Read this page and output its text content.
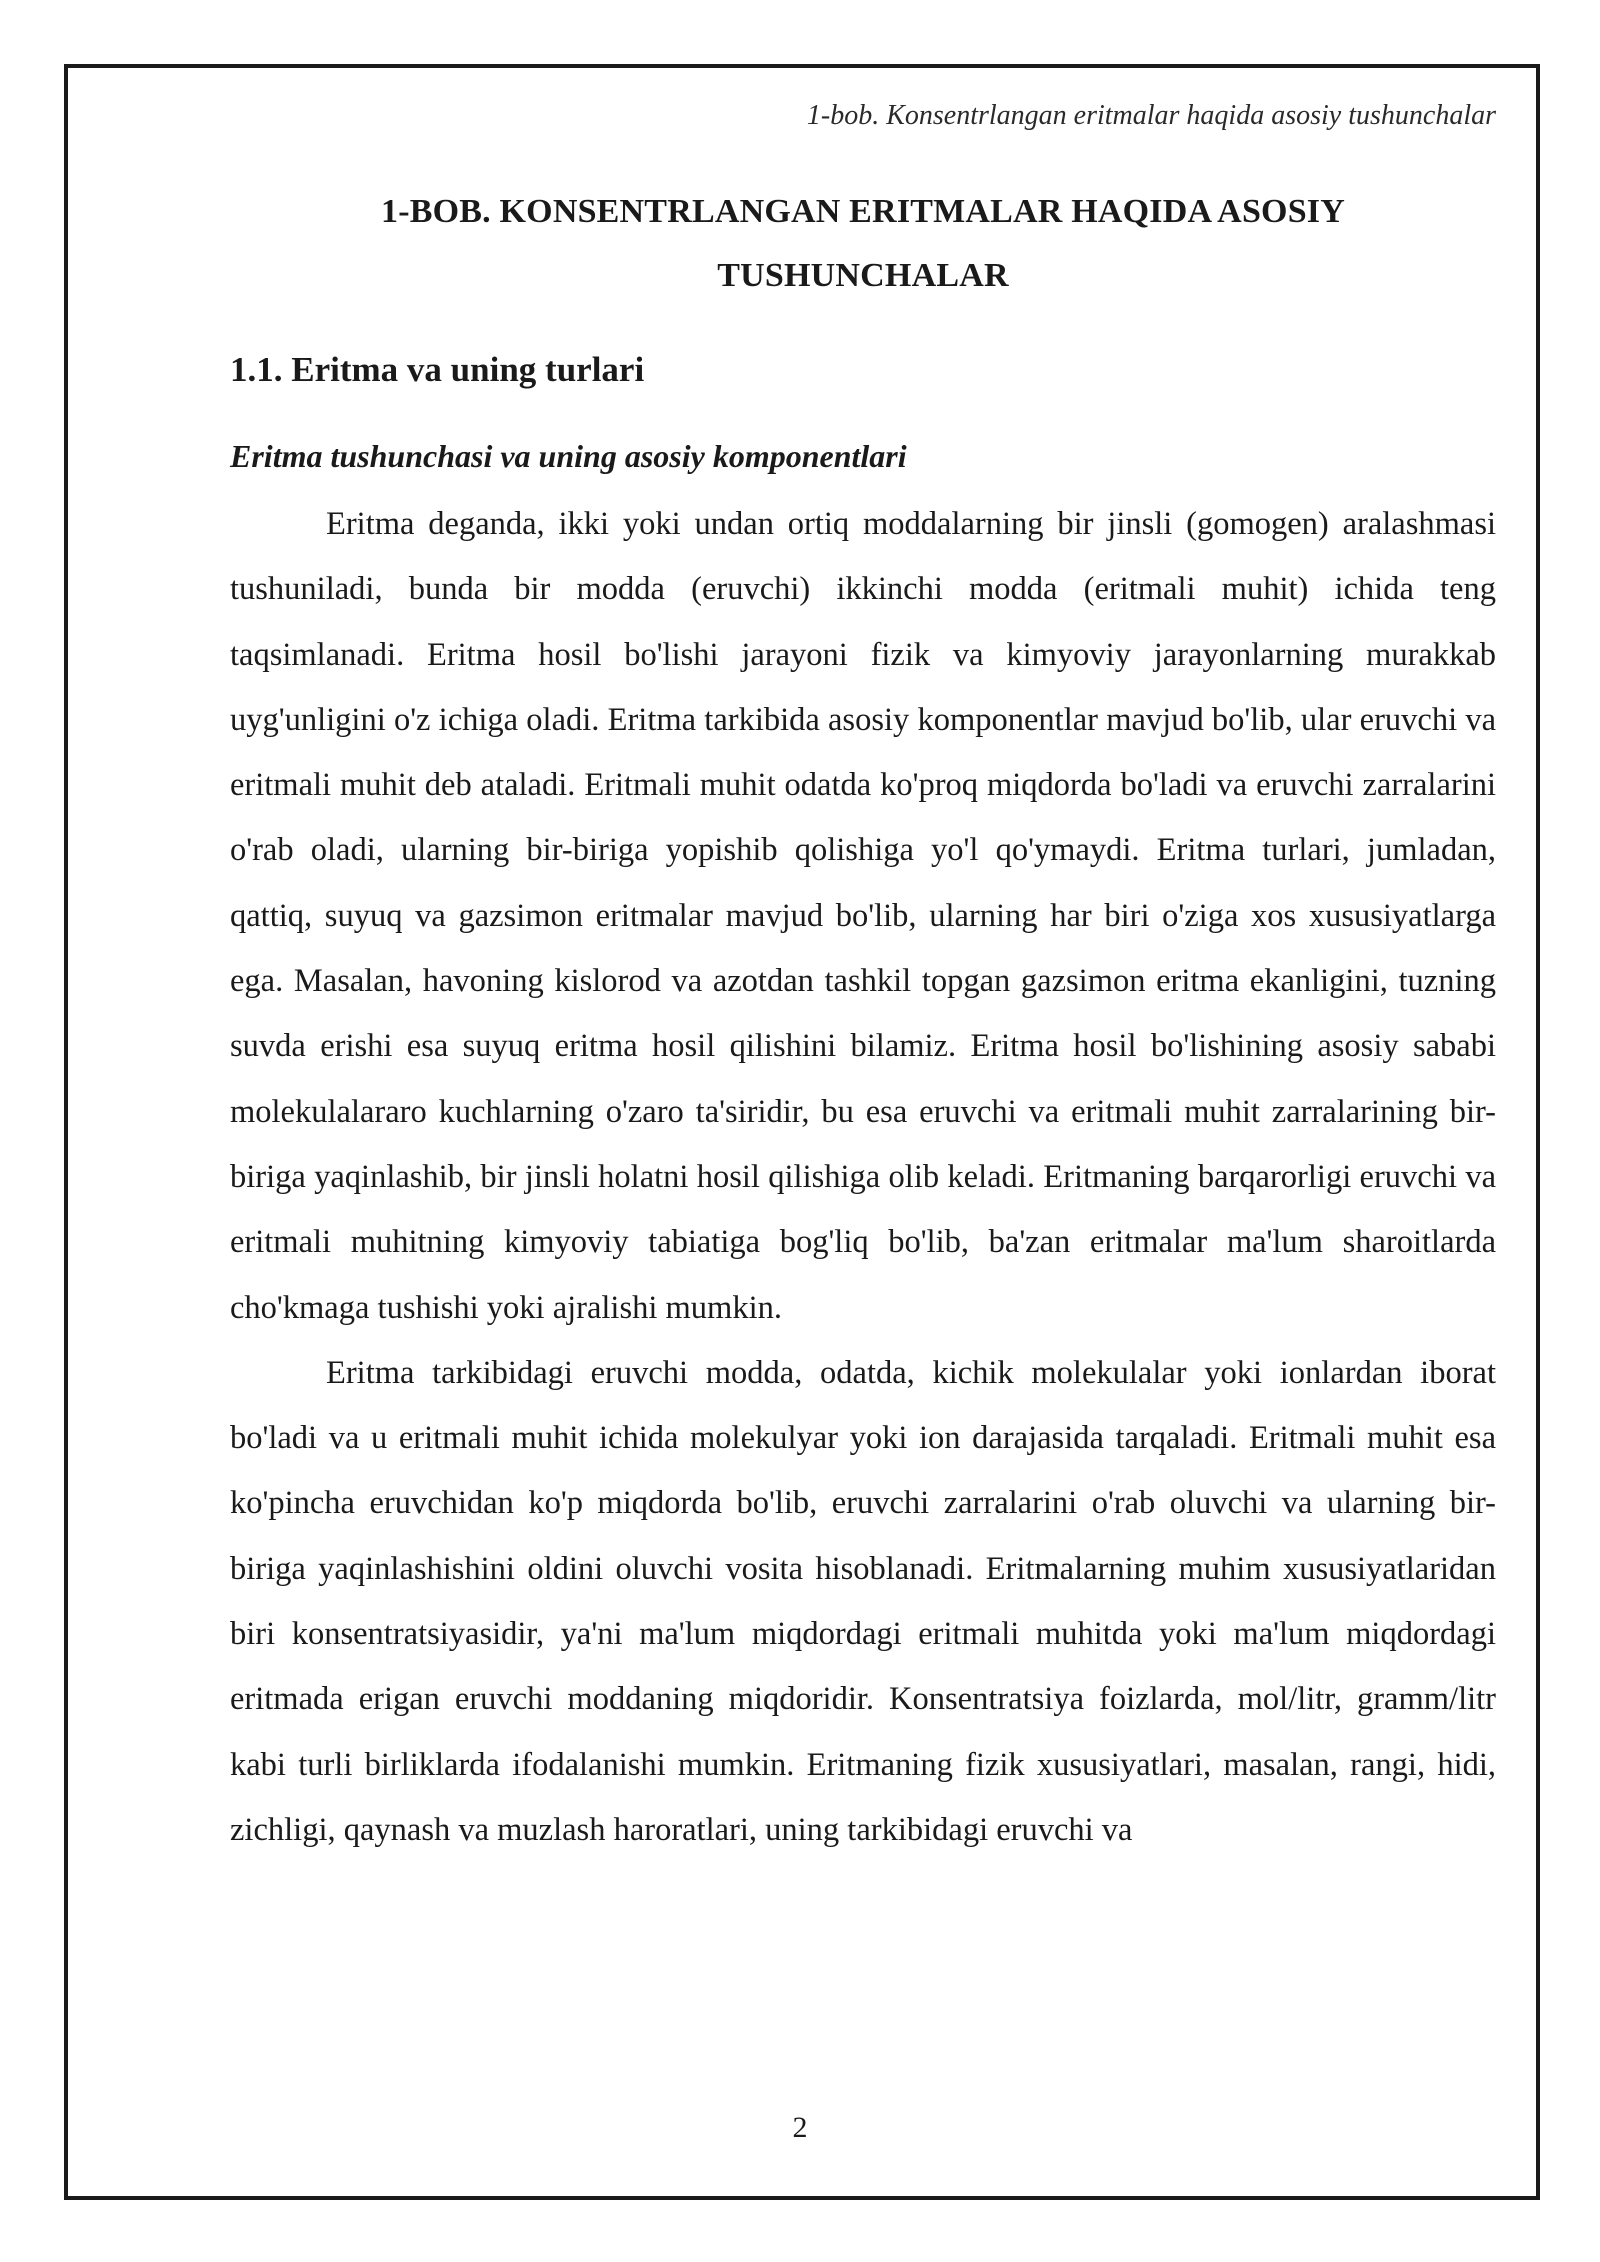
1-bob. Konsentrlangan eritmalar haqida asosiy tushunchalar
1-BOB. KONSENTRLANGAN ERITMALAR HAQIDA ASOSIY
TUSHUNCHALAR
1.1. Eritma va uning turlari
Eritma tushunchasi va uning asosiy komponentlari

Eritma deganda, ikki yoki undan ortiq moddalarning bir jinsli (gomogen) aralashmasi tushuniladi, bunda bir modda (eruvchi) ikkinchi modda (eritmali muhit) ichida teng taqsimlanadi. Eritma hosil bo'lishi jarayoni fizik va kimyoviy jarayonlarning murakkab uyg'unligini o'z ichiga oladi. Eritma tarkibida asosiy komponentlar mavjud bo'lib, ular eruvchi va eritmali muhit deb ataladi. Eritmali muhit odatda ko'proq miqdorda bo'ladi va eruvchi zarralarini o'rab oladi, ularning bir-biriga yopishib qolishiga yo'l qo'ymaydi. Eritma turlari, jumladan, qattiq, suyuq va gazsimon eritmalar mavjud bo'lib, ularning har biri o'ziga xos xususiyatlarga ega. Masalan, havoning kislorod va azotdan tashkil topgan gazsimon eritma ekanligini, tuzning suvda erishi esa suyuq eritma hosil qilishini bilamiz. Eritma hosil bo'lishining asosiy sababi molekulalararo kuchlarning o'zaro ta'siridir, bu esa eruvchi va eritmali muhit zarralarining bir-biriga yaqinlashib, bir jinsli holatni hosil qilishiga olib keladi. Eritmaning barqarorligi eruvchi va eritmali muhitning kimyoviy tabiatiga bog'liq bo'lib, ba'zan eritmalar ma'lum sharoitlarda cho'kmaga tushishi yoki ajralishi mumkin.

Eritma tarkibidagi eruvchi modda, odatda, kichik molekulalar yoki ionlardan iborat bo'ladi va u eritmali muhit ichida molekulyar yoki ion darajasida tarqaladi. Eritmali muhit esa ko'pincha eruvchidan ko'p miqdorda bo'lib, eruvchi zarralarini o'rab oluvchi va ularning bir-biriga yaqinlashishini oldini oluvchi vosita hisoblanadi. Eritmalarning muhim xususiyatlaridan biri konsentratsiyasidir, ya'ni ma'lum miqdordagi eritmali muhitda yoki ma'lum miqdordagi eritmada erigan eruvchi moddaning miqdoridir. Konsentratsiya foizlarda, mol/litr, gramm/litr kabi turli birliklarda ifodalanishi mumkin. Eritmaning fizik xususiyatlari, masalan, rangi, hidi, zichligi, qaynash va muzlash haroratlari, uning tarkibidagi eruvchi va

2
